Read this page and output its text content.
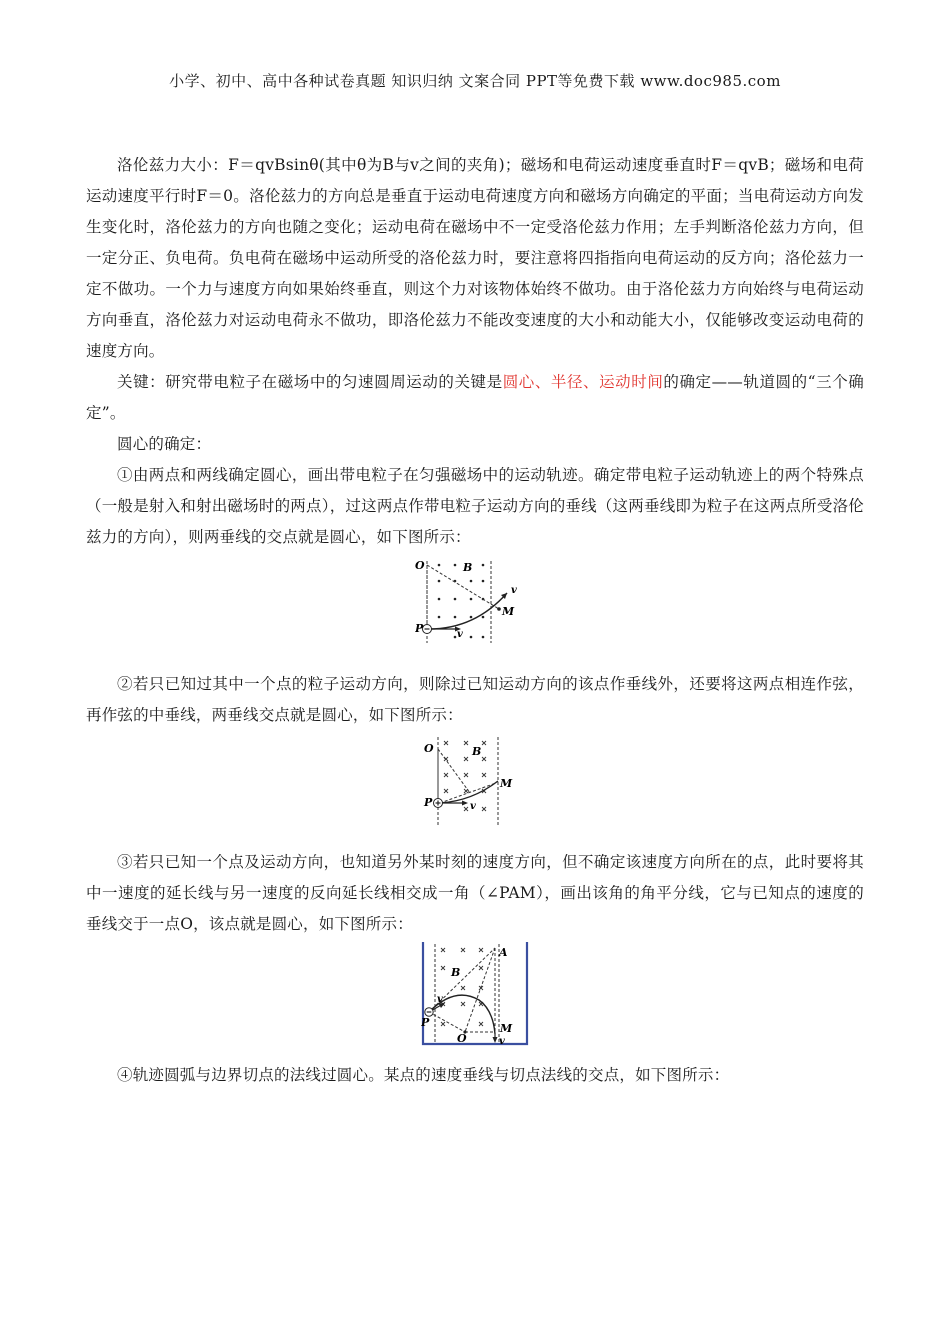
小学、初中、高中各种试卷真题 知识归纳 文案合同 PPT等免费下载 www.doc985.com

洛伦兹力大小：F＝qvBsinθ(其中θ为B与v之间的夹角)；磁场和电荷运动速度垂直时F＝qvB；磁场和电荷运动速度平行时F＝0。洛伦兹力的方向总是垂直于运动电荷速度方向和磁场方向确定的平面；当电荷运动方向发生变化时，洛伦兹力的方向也随之变化；运动电荷在磁场中不一定受洛伦兹力作用；左手判断洛伦兹力方向，但一定分正、负电荷。负电荷在磁场中运动所受的洛伦兹力时，要注意将四指指向电荷运动的反方向；洛伦兹力一定不做功。一个力与速度方向如果始终垂直，则这个力对该物体始终不做功。由于洛伦兹力方向始终与电荷运动方向垂直，洛伦兹力对运动电荷永不做功，即洛伦兹力不能改变速度的大小和动能大小，仅能够改变运动电荷的速度方向。

关键：研究带电粒子在磁场中的匀速圆周运动的关键是圆心、半径、运动时间的确定——轨道圆的“三个确定”。

圆心的确定：

①由两点和两线确定圆心，画出带电粒子在匀强磁场中的运动轨迹。确定带电粒子运动轨迹上的两个特殊点（一般是射入和射出磁场时的两点），过这两点作带电粒子运动方向的垂线（这两垂线即为粒子在这两点所受洛伦兹力的方向），则两垂线的交点就是圆心，如下图所示：

O	B
P
M
v
v

②若只已知过其中一个点的粒子运动方向，则除过已知运动方向的该点作垂线外，还要将这两点相连作弦，再作弦的中垂线，两垂线交点就是圆心，如下图所示：

O	B
P
M
v

③若只已知一个点及运动方向，也知道另外某时刻的速度方向，但不确定该速度方向所在的点，此时要将其中一速度的延长线与另一速度的反向延长线相交成一角（∠PAM），画出该角的角平分线，它与已知点的速度的垂线交于一点O，该点就是圆心，如下图所示：

A
B
P	M
O
v
v

④轨迹圆弧与边界切点的法线过圆心。某点的速度垂线与切点法线的交点，如下图所示：
